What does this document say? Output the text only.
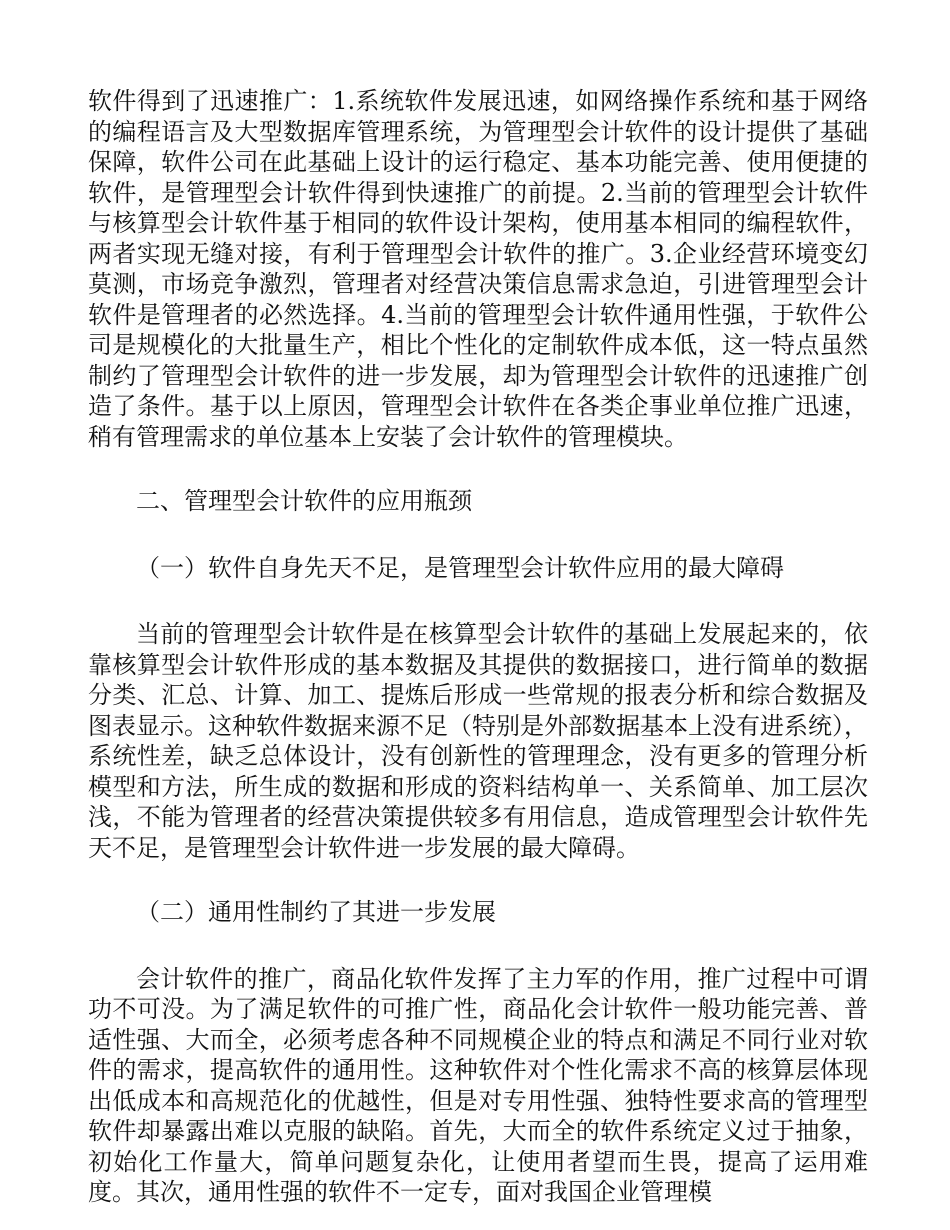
软件得到了迅速推广：1.系统软件发展迅速，如网络操作系统和基于网络的编程语言及大型数据库管理系统，为管理型会计软件的设计提供了基础保障，软件公司在此基础上设计的运行稳定、基本功能完善、使用便捷的软件，是管理型会计软件得到快速推广的前提。2.当前的管理型会计软件与核算型会计软件基于相同的软件设计架构，使用基本相同的编程软件，两者实现无缝对接，有利于管理型会计软件的推广。3.企业经营环境变幻莫测，市场竞争激烈，管理者对经营决策信息需求急迫，引进管理型会计软件是管理者的必然选择。4.当前的管理型会计软件通用性强，于软件公司是规模化的大批量生产，相比个性化的定制软件成本低，这一特点虽然制约了管理型会计软件的进一步发展，却为管理型会计软件的迅速推广创造了条件。基于以上原因，管理型会计软件在各类企事业单位推广迅速，稍有管理需求的单位基本上安装了会计软件的管理模块。

二、管理型会计软件的应用瓶颈

（一）软件自身先天不足，是管理型会计软件应用的最大障碍

当前的管理型会计软件是在核算型会计软件的基础上发展起来的，依靠核算型会计软件形成的基本数据及其提供的数据接口，进行简单的数据分类、汇总、计算、加工、提炼后形成一些常规的报表分析和综合数据及图表显示。这种软件数据来源不足（特别是外部数据基本上没有进系统），系统性差，缺乏总体设计，没有创新性的管理理念，没有更多的管理分析模型和方法，所生成的数据和形成的资料结构单一、关系简单、加工层次浅，不能为管理者的经营决策提供较多有用信息，造成管理型会计软件先天不足，是管理型会计软件进一步发展的最大障碍。

（二）通用性制约了其进一步发展

会计软件的推广，商品化软件发挥了主力军的作用，推广过程中可谓功不可没。为了满足软件的可推广性，商品化会计软件一般功能完善、普适性强、大而全，必须考虑各种不同规模企业的特点和满足不同行业对软件的需求，提高软件的通用性。这种软件对个性化需求不高的核算层体现出低成本和高规范化的优越性，但是对专用性强、独特性要求高的管理型软件却暴露出难以克服的缺陷。首先，大而全的软件系统定义过于抽象，初始化工作量大，简单问题复杂化，让使用者望而生畏，提高了运用难度。其次，通用性强的软件不一定专，面对我国企业管理模
